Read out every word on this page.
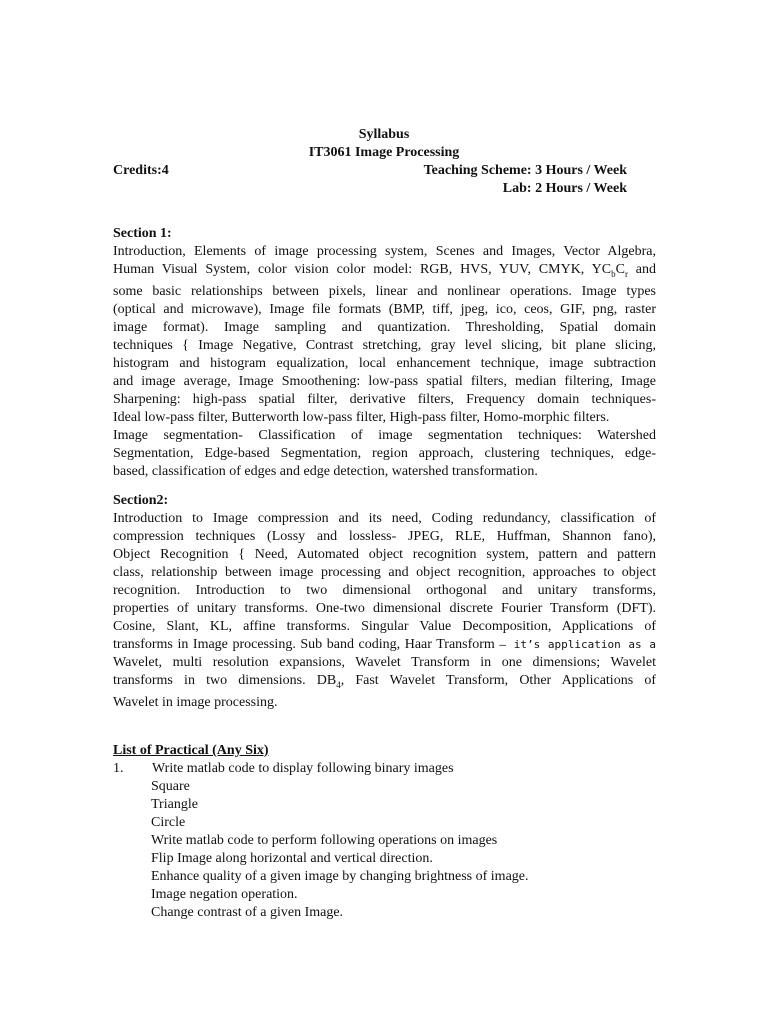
Syllabus
IT3061 Image Processing
Credits:4	Teaching Scheme: 3 Hours / Week
Lab: 2 Hours / Week
Section 1:
Introduction, Elements of image processing system, Scenes and Images, Vector Algebra,
Human Visual System, color vision color model: RGB, HVS, YUV, CMYK, $YC_bC_r$ and
some basic relationships between pixels, linear and nonlinear operations. Image types
(optical and microwave), Image file formats (BMP, tiff, jpeg, ico, ceos, GIF, png, raster
image format). Image sampling and quantization. Thresholding, Spatial domain
techniques { Image Negative, Contrast stretching, gray level slicing, bit plane slicing,
histogram and histogram equalization, local enhancement technique, image subtraction
and image average, Image Smoothening: low-pass spatial filters, median filtering, Image
Sharpening: high-pass spatial filter, derivative filters, Frequency domain techniques-
Ideal low-pass filter, Butterworth low-pass filter, High-pass filter, Homo-morphic filters.
Image segmentation- Classification of image segmentation techniques: Watershed
Segmentation, Edge-based Segmentation, region approach, clustering techniques, edge-
based, classification of edges and edge detection, watershed transformation.
Section2:
Introduction to Image compression and its need, Coding redundancy, classification of
compression techniques (Lossy and lossless- JPEG, RLE, Huffman, Shannon fano),
Object Recognition { Need, Automated object recognition system, pattern and pattern
class, relationship between image processing and object recognition, approaches to object
recognition. Introduction to two dimensional orthogonal and unitary transforms,
properties of unitary transforms. One-two dimensional discrete Fourier Transform (DFT).
Cosine, Slant, KL, affine transforms. Singular Value Decomposition, Applications of
transforms in Image processing. Sub band coding, Haar Transform – it’s application as a
Wavelet, multi resolution expansions, Wavelet Transform in one dimensions; Wavelet
transforms in two dimensions. $DB_4$, Fast Wavelet Transform, Other Applications of
Wavelet in image processing.
List of Practical (Any Six)
1. Write matlab code to display following binary images
Square
Triangle
Circle
Write matlab code to perform following operations on images
Flip Image along horizontal and vertical direction.
Enhance quality of a given image by changing brightness of image.
Image negation operation.
Change contrast of a given Image.
